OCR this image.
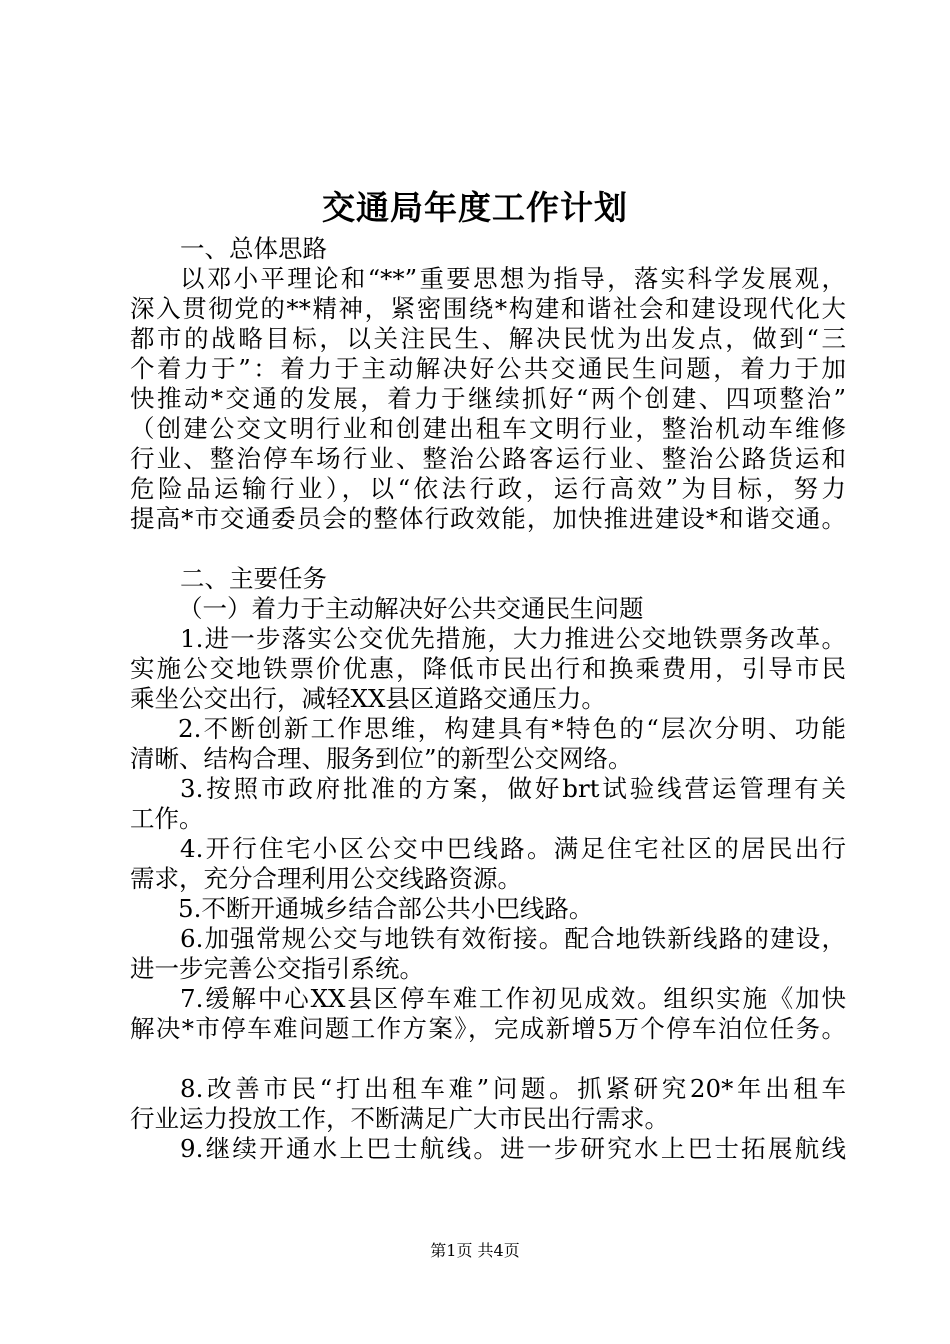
交通局年度工作计划
一、总体思路
以邓小平理论和“**”重要思想为指导，落实科学发展观，
深入贯彻党的**精神，紧密围绕*构建和谐社会和建设现代化大
都市的战略目标，以关注民生、解决民忧为出发点，做到“三
个着力于”：着力于主动解决好公共交通民生问题，着力于加
快推动*交通的发展，着力于继续抓好“两个创建、四项整治”
（创建公交文明行业和创建出租车文明行业，整治机动车维修
行业、整治停车场行业、整治公路客运行业、整治公路货运和
危险品运输行业），以“依法行政，运行高效”为目标，努力
提高*市交通委员会的整体行政效能，加快推进建设*和谐交通。
二、主要任务
（一）着力于主动解决好公共交通民生问题
1.进一步落实公交优先措施，大力推进公交地铁票务改革。
实施公交地铁票价优惠，降低市民出行和换乘费用，引导市民
乘坐公交出行，减轻XX县区道路交通压力。
2.不断创新工作思维，构建具有*特色的“层次分明、功能
清晰、结构合理、服务到位”的新型公交网络。
3.按照市政府批准的方案，做好brt试验线营运管理有关
工作。
4.开行住宅小区公交中巴线路。满足住宅社区的居民出行
需求，充分合理利用公交线路资源。
5.不断开通城乡结合部公共小巴线路。
6.加强常规公交与地铁有效衔接。配合地铁新线路的建设，
进一步完善公交指引系统。
7.缓解中心XX县区停车难工作初见成效。组织实施《加快
解决*市停车难问题工作方案》，完成新增5万个停车泊位任务。
8.改善市民“打出租车难”问题。抓紧研究20*年出租车
行业运力投放工作，不断满足广大市民出行需求。
9.继续开通水上巴士航线。进一步研究水上巴士拓展航线
第1页 共4页
